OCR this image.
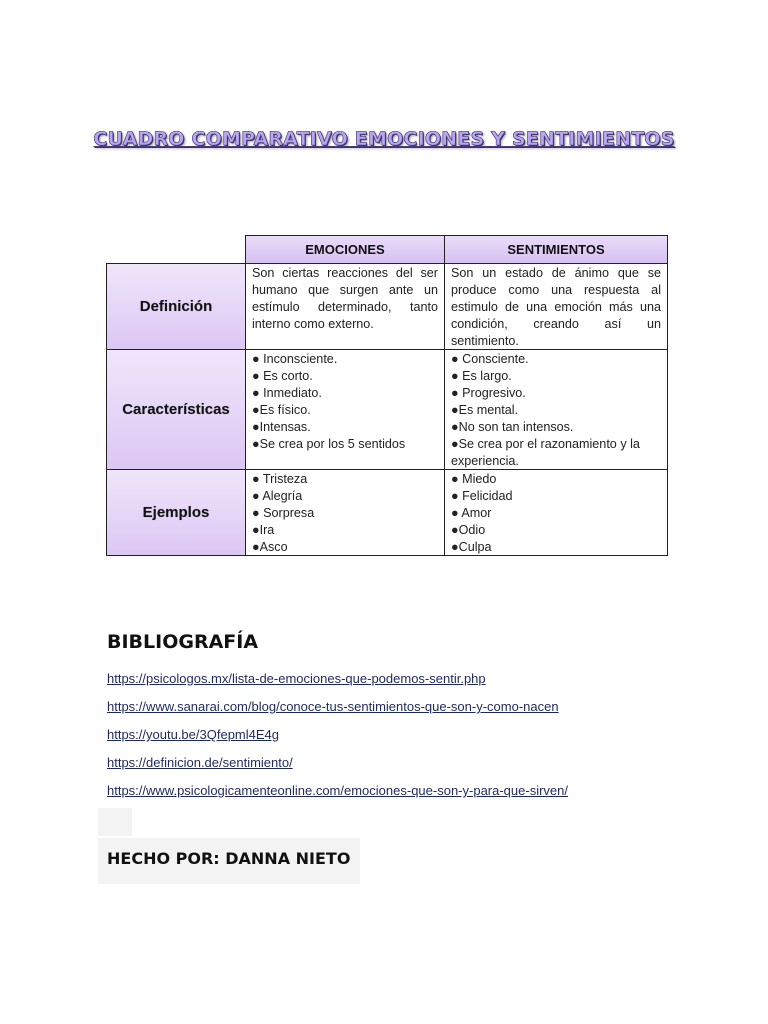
CUADRO COMPARATIVO EMOCIONES Y SENTIMIENTOS
EMOCIONES	SENTIMIENTOS
Definición
Son ciertas reacciones del ser humano que surgen ante un estímulo determinado, tanto interno como externo.
Son un estado de ánimo que se produce como una respuesta al estimulo de una emoción más una condición, creando así un sentimiento.
Características
● Inconsciente.
● Es corto.
● Inmediato.
●Es físico.
●Intensas.
●Se crea por los 5 sentidos
● Consciente.
● Es largo.
● Progresivo.
●Es mental.
●No son tan intensos.
●Se crea por el razonamiento y la experiencia.
Ejemplos
● Tristeza
● Alegría
● Sorpresa
●Ira
●Asco
● Miedo
● Felicidad
● Amor
●Odio
●Culpa
BIBLIOGRAFÍA
https://psicologos.mx/lista-de-emociones-que-podemos-sentir.php
https://www.sanarai.com/blog/conoce-tus-sentimientos-que-son-y-como-nacen
https://youtu.be/3Qfepml4E4g
https://definicion.de/sentimiento/
https://www.psicologicamenteonline.com/emociones-que-son-y-para-que-sirven/
HECHO POR: DANNA NIETO
